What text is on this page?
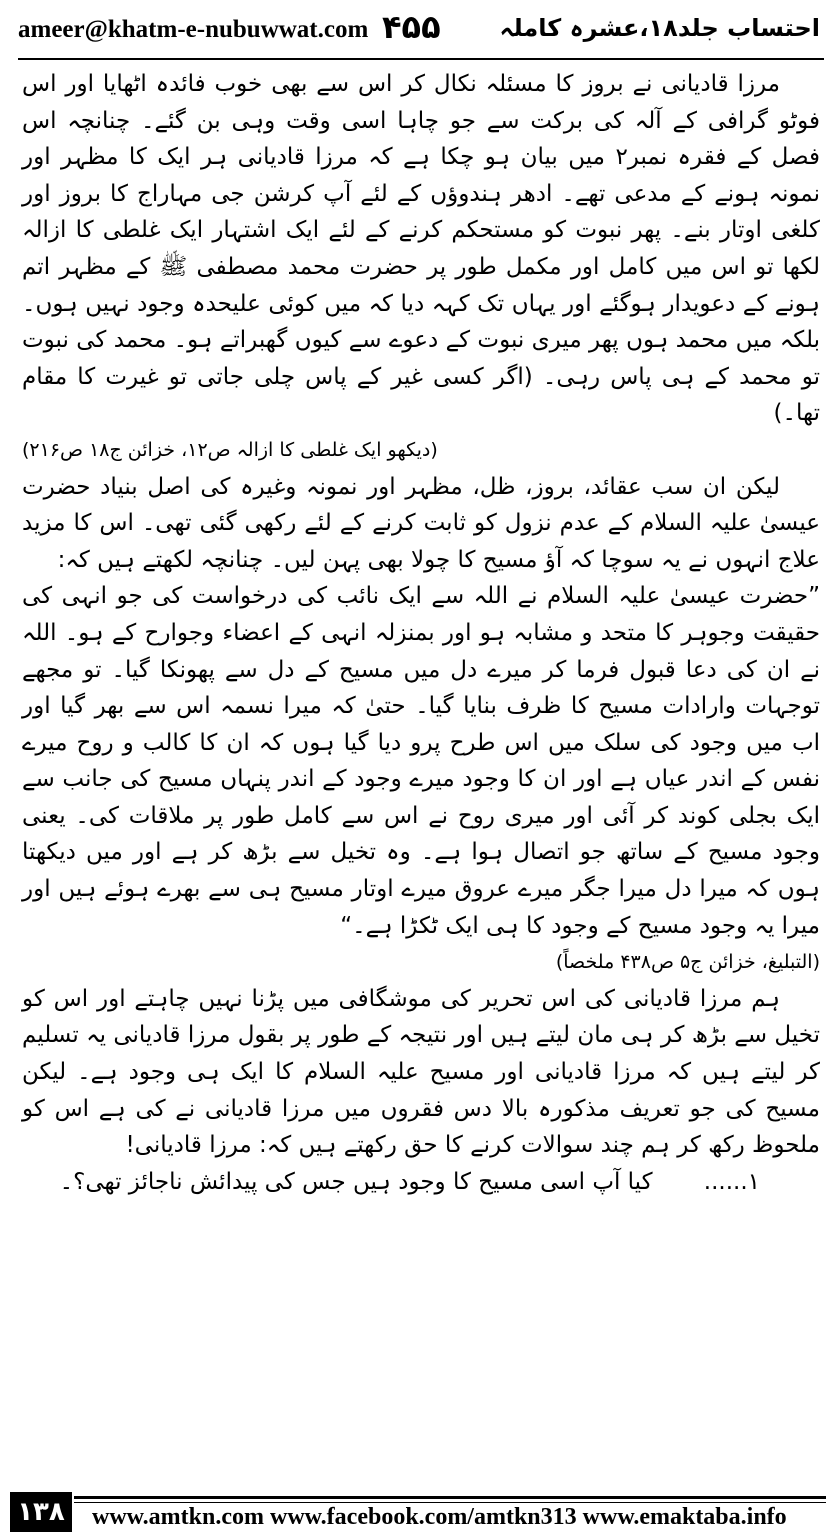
ameer@khatm-e-nubuwwat.com ۴۵۵ احتساب جلد۱۸،عشرہ کاملہ

مرزا قادیانی نے بروز کا مسئلہ نکال کر اس سے بھی خوب فائدہ اٹھایا اور اس فوٹو گرافی کے آلہ کی برکت سے جو چاہا اسی وقت وہی بن گئے۔ چنانچہ اس فصل کے فقرہ نمبر۲ میں بیان ہو چکا ہے کہ مرزا قادیانی ہر ایک کا مظہر اور نمونہ ہونے کے مدعی تھے۔ ادھر ہندوؤں کے لئے آپ کرشن جی مہاراج کا بروز اور کلغی اوتار بنے۔ پھر نبوت کو مستحکم کرنے کے لئے ایک اشتہار ایک غلطی کا ازالہ لکھا تو اس میں کامل اور مکمل طور پر حضرت محمد مصطفی ﷺ کے مظہر اتم ہونے کے دعویدار ہوگئے اور یہاں تک کہہ دیا کہ میں کوئی علیحدہ وجود نہیں ہوں۔ بلکہ میں محمد ہوں پھر میری نبوت کے دعوے سے کیوں گھبراتے ہو۔ محمد کی نبوت تو محمد کے ہی پاس رہی۔ (اگر کسی غیر کے پاس چلی جاتی تو غیرت کا مقام تھا۔)

(دیکھو ایک غلطی کا ازالہ ص۱۲، خزائن ج۱۸ ص۲۱۶)

لیکن ان سب عقائد، بروز، ظل، مظہر اور نمونہ وغیرہ کی اصل بنیاد حضرت عیسیٰ علیہ السلام کے عدم نزول کو ثابت کرنے کے لئے رکھی گئی تھی۔ اس کا مزید علاج انہوں نے یہ سوچا کہ آؤ مسیح کا چولا بھی پہن لیں۔ چنانچہ لکھتے ہیں کہ:

”حضرت عیسیٰ علیہ السلام نے اللہ سے ایک نائب کی درخواست کی جو انہی کی حقیقت وجوہر کا متحد و مشابہ ہو اور بمنزلہ انہی کے اعضاء وجوارح کے ہو۔ اللہ نے ان کی دعا قبول فرما کر میرے دل میں مسیح کے دل سے پھونکا گیا۔ تو مجھے توجہات وارادات مسیح کا ظرف بنایا گیا۔ حتیٰ کہ میرا نسمہ اس سے بھر گیا اور اب میں وجود کی سلک میں اس طرح پرو دیا گیا ہوں کہ ان کا کالب و روح میرے نفس کے اندر عیاں ہے اور ان کا وجود میرے وجود کے اندر پنہاں مسیح کی جانب سے ایک بجلی کوند کر آئی اور میری روح نے اس سے کامل طور پر ملاقات کی۔ یعنی وجود مسیح کے ساتھ جو اتصال ہوا ہے۔ وہ تخیل سے بڑھ کر ہے اور میں دیکھتا ہوں کہ میرا دل میرا جگر میرے عروق میرے اوتار مسیح ہی سے بھرے ہوئے ہیں اور میرا یہ وجود مسیح کے وجود کا ہی ایک ٹکڑا ہے۔“

(التبلیغ، خزائن ج۵ ص۴۳۸ ملخصاً)

ہم مرزا قادیانی کی اس تحریر کی موشگافی میں پڑنا نہیں چاہتے اور اس کو تخیل سے بڑھ کر ہی مان لیتے ہیں اور نتیجہ کے طور پر بقول مرزا قادیانی یہ تسلیم کر لیتے ہیں کہ مرزا قادیانی اور مسیح علیہ السلام کا ایک ہی وجود ہے۔ لیکن مسیح کی جو تعریف مذکورہ بالا دس فقروں میں مرزا قادیانی نے کی ہے اس کو ملحوظ رکھ کر ہم چند سوالات کرنے کا حق رکھتے ہیں کہ: مرزا قادیانی!

۱......       کیا آپ اسی مسیح کا وجود ہیں جس کی پیدائش ناجائز تھی؟۔

۱۳۸	www.amtkn.com www.facebook.com/amtkn313 www.emaktaba.info
